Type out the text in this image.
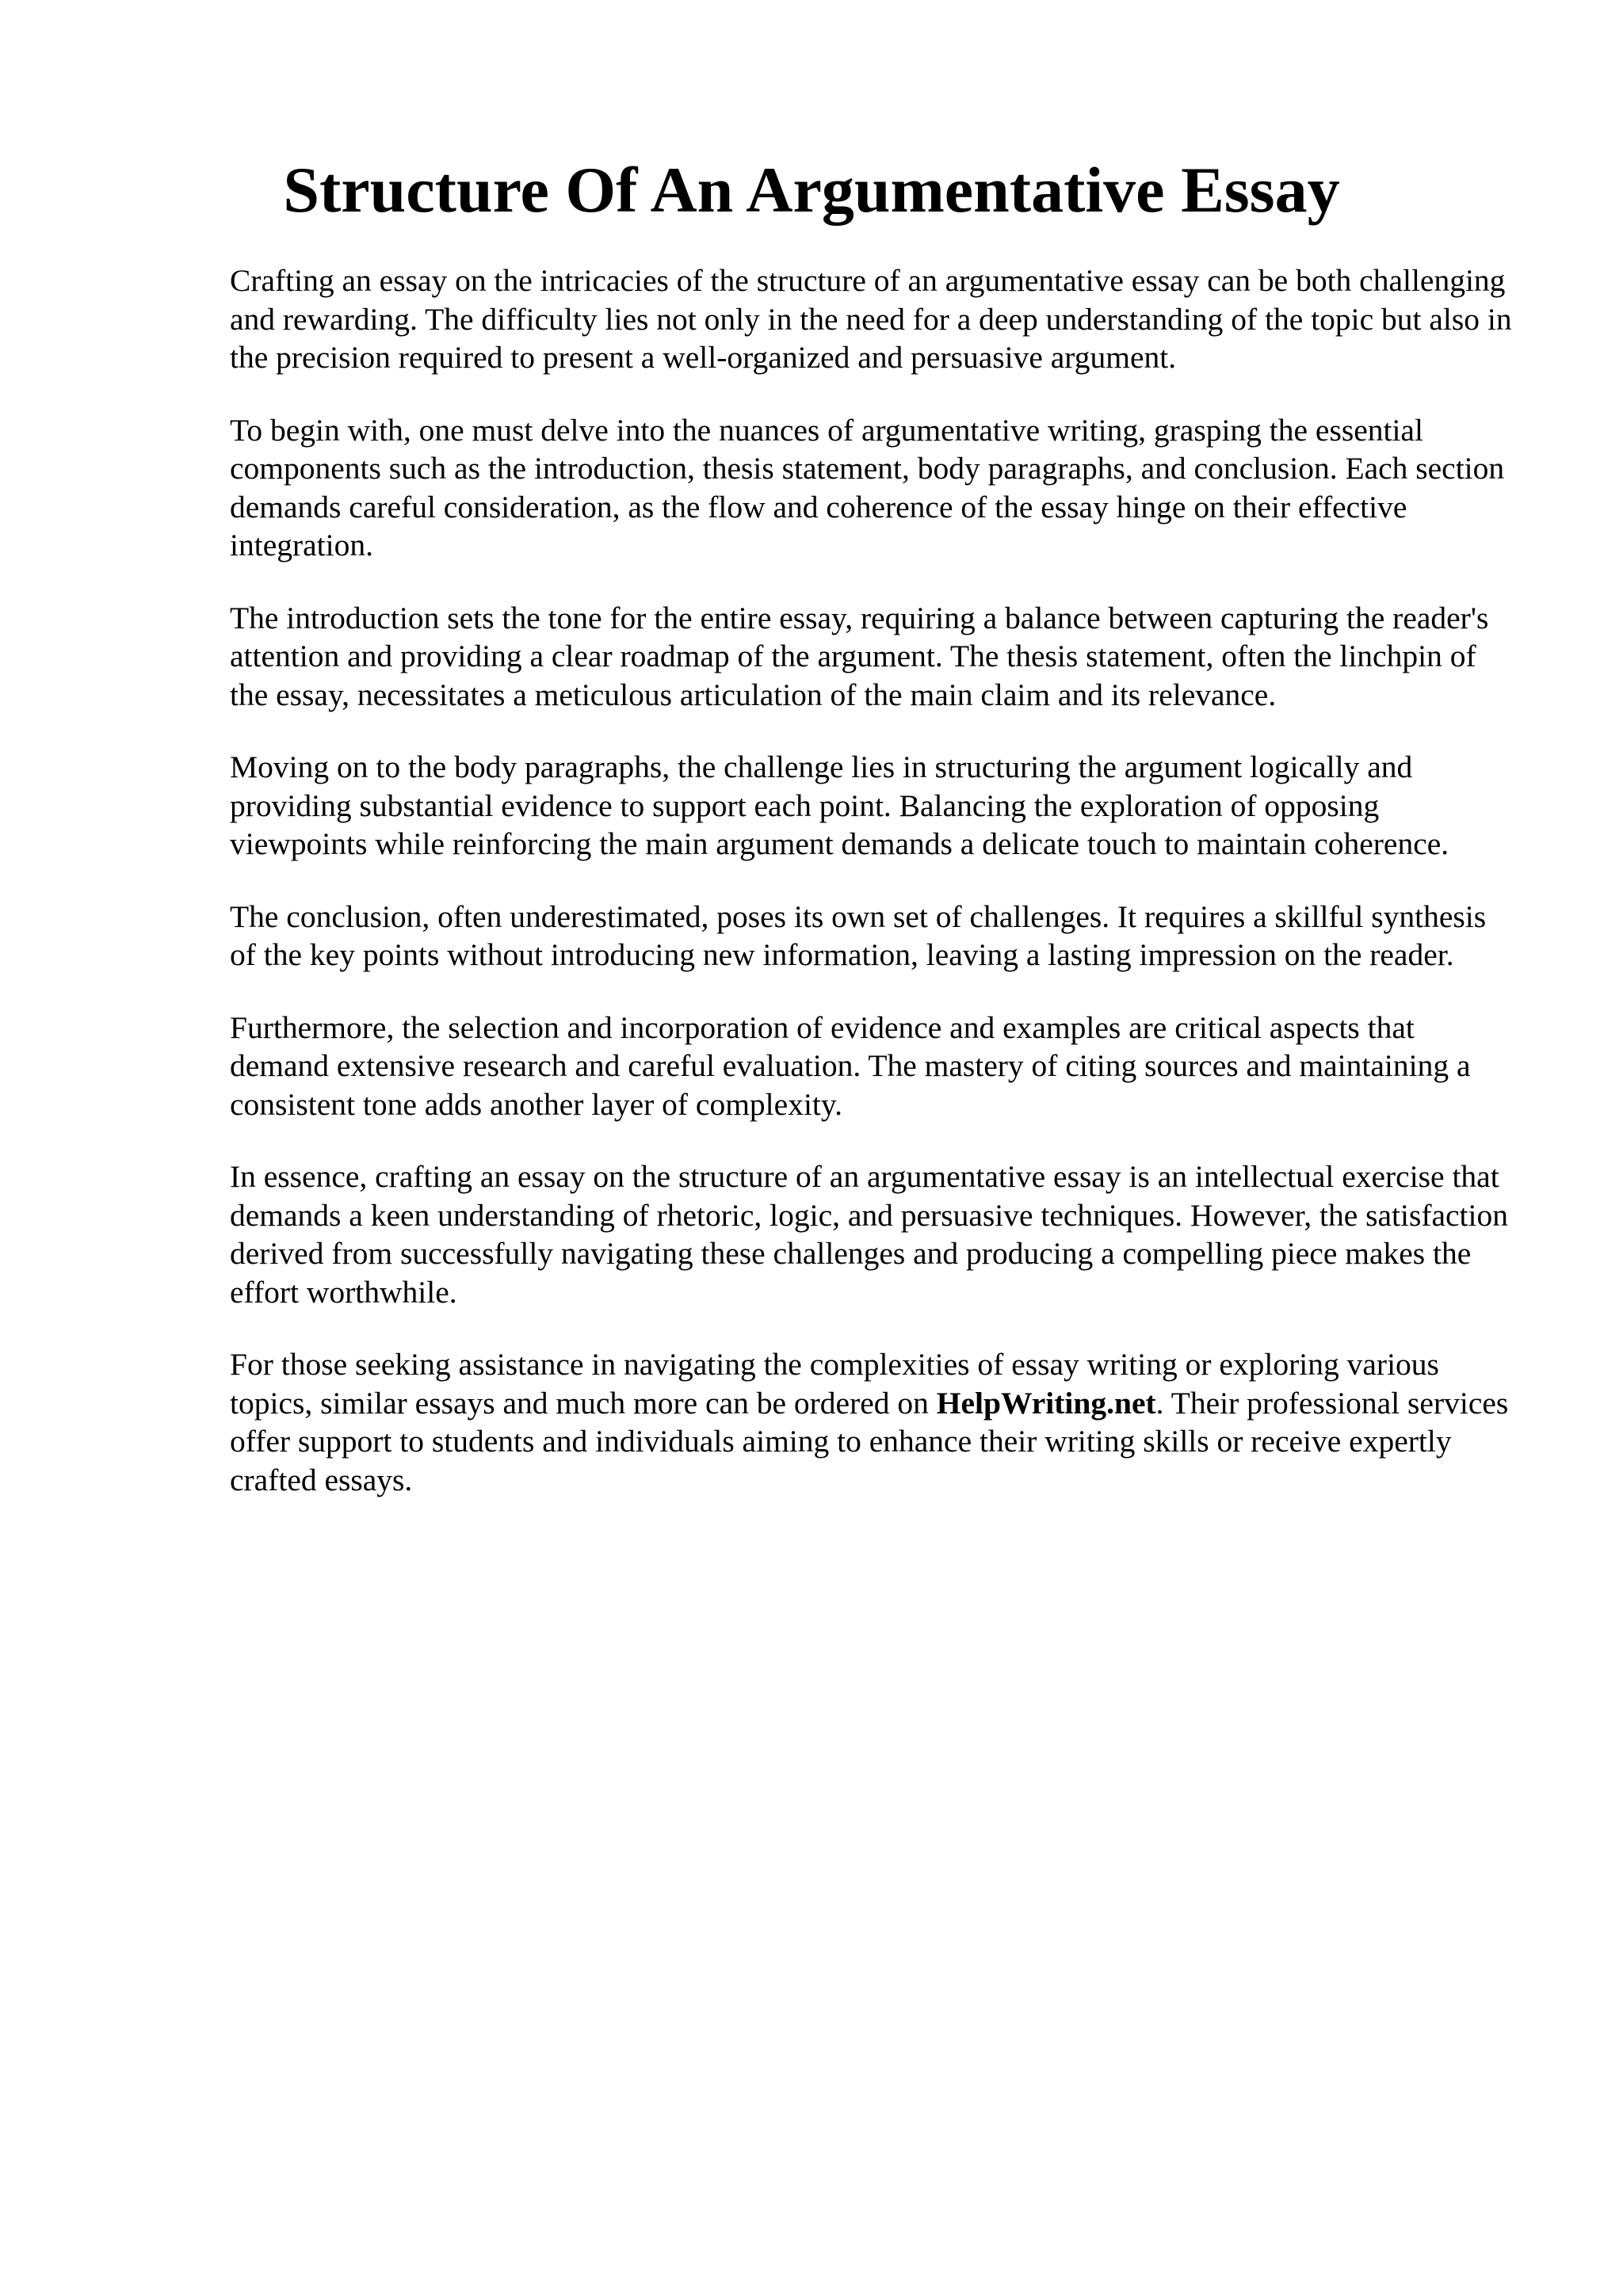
Structure Of An Argumentative Essay

Crafting an essay on the intricacies of the structure of an argumentative essay can be both challenging and rewarding. The difficulty lies not only in the need for a deep understanding of the topic but also in the precision required to present a well-organized and persuasive argument.

To begin with, one must delve into the nuances of argumentative writing, grasping the essential components such as the introduction, thesis statement, body paragraphs, and conclusion. Each section demands careful consideration, as the flow and coherence of the essay hinge on their effective integration.

The introduction sets the tone for the entire essay, requiring a balance between capturing the reader's attention and providing a clear roadmap of the argument. The thesis statement, often the linchpin of the essay, necessitates a meticulous articulation of the main claim and its relevance.

Moving on to the body paragraphs, the challenge lies in structuring the argument logically and providing substantial evidence to support each point. Balancing the exploration of opposing viewpoints while reinforcing the main argument demands a delicate touch to maintain coherence.

The conclusion, often underestimated, poses its own set of challenges. It requires a skillful synthesis of the key points without introducing new information, leaving a lasting impression on the reader.

Furthermore, the selection and incorporation of evidence and examples are critical aspects that demand extensive research and careful evaluation. The mastery of citing sources and maintaining a consistent tone adds another layer of complexity.

In essence, crafting an essay on the structure of an argumentative essay is an intellectual exercise that demands a keen understanding of rhetoric, logic, and persuasive techniques. However, the satisfaction derived from successfully navigating these challenges and producing a compelling piece makes the effort worthwhile.

For those seeking assistance in navigating the complexities of essay writing or exploring various topics, similar essays and much more can be ordered on HelpWriting.net. Their professional services offer support to students and individuals aiming to enhance their writing skills or receive expertly crafted essays.
